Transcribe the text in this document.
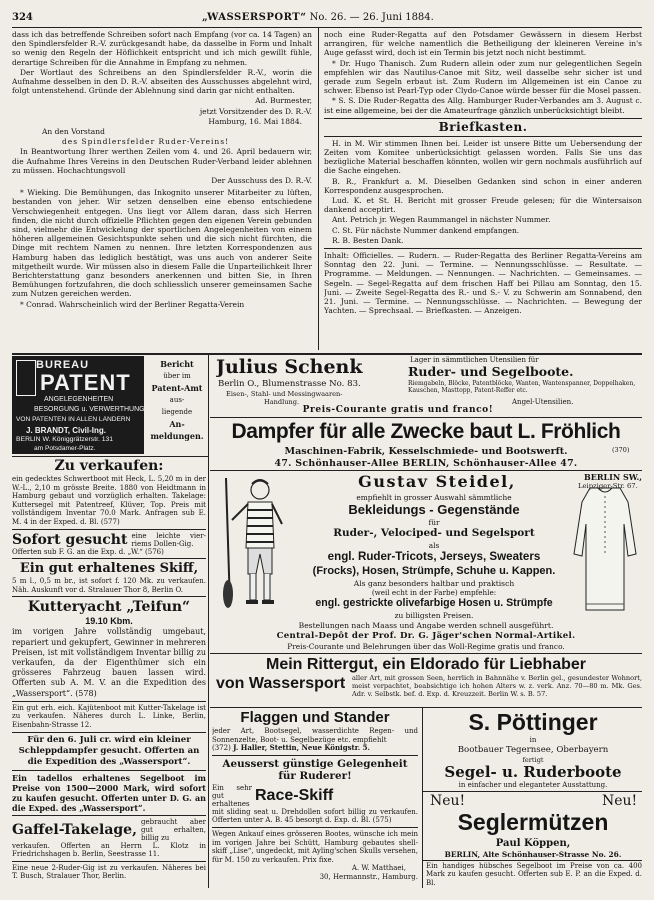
324	„WASSERSPORT“ No. 26. — 26. Juni 1884.

dass ich das betreffende Schreiben sofort nach Empfang (vor ca. 14 Tagen) an den Spindlersfelder R.-V. zurückgesandt habe, da dasselbe in Form und Inhalt so wenig den Regeln der Höflichkeit entspricht und ich mich gewillt fühle, derartige Schreiben für die Annahme in Empfang zu nehmen.

Der Wortlaut des Schreibens an den Spindlersfelder R.-V., worin die Aufnahme desselben in den D. R.-V. abseiten des Ausschusses abgelehnt wird, folgt untenstehend. Gründe der Ablehnung sind darin gar nicht enthalten.

Ad. Burmester,

jetzt Vorsitzender des D. R.-V.

Hamburg, 16. Mai 1884.

An den Vorstand

des Spindlersfelder Ruder-Vereins!

In Beantwortung Ihrer werthen Zeilen vom 4. und 26. April bedauern wir, die Aufnahme Ihres Vereins in den Deutschen Ruder-Verband leider ablehnen zu müssen. Hochachtungsvoll

Der Ausschuss des D. R.-V.

* Wieking. Die Bemühungen, das Inkognito unserer Mitarbeiter zu lüften, bestanden von jeher. Wir setzen denselben eine ebenso entschiedene Verschwiegenheit entgegen. Uns liegt vor Allem daran, dass sich Herren finden, die nicht durch offizielle Pflichten gegen den eigenen Verein gebunden sind, vielmehr die Entwickelung der sportlichen Angelegenheiten von einem höheren allgemeinen Gesichtspunkte sehen und die sich nicht fürchten, die Dinge mit rechtem Namen zu nennen. Ihre letzten Korrespondenzen aus Hamburg haben das lediglich bestätigt, was uns auch von anderer Seite mitgetheilt wurde. Wir müssen also in diesem Falle die Unparteilichkeit Ihrer Berichterstattung ganz besonders anerkennen und bitten Sie, in Ihren Bemühungen fortzufahren, die doch schliesslich unserer gemeinsamen Sache zum Nutzen gereichen werden.

* Conrad. Wahrscheinlich wird der Berliner Regatta-Verein

noch eine Ruder-Regatta auf den Potsdamer Gewässern in diesem Herbst arrangiren, für welche namentlich die Betheiligung der kleineren Vereine in's Auge gefasst wird, doch ist ein Termin bis jetzt noch nicht bestimmt.

* Dr. Hugo Thanisch. Zum Rudern allein oder zum nur gelegentlichen Segeln empfehlen wir das Nautilus-Canoe mit Sitz, weil dasselbe sehr sicher ist und gerade zum Segeln erbaut ist. Zum Rudern im Allgemeinen ist ein Canoe zu schwer. Ebenso ist Pearl-Typ oder Clydo-Canoe würde besser für die Mosel passen.

* S. S. Die Ruder-Regatta des Allg. Hamburger Ruder-Verbandes am 3. August c. ist eine allgemeine, bei der die Amateurfrage gänzlich unberücksichtigt bleibt.

Briefkasten.

H. in M. Wir stimmen Ihnen bei. Leider ist unsere Bitte um Uebersendung der Zeiten vom Komitee unberücksichtigt gelassen worden. Falls Sie uns das bezügliche Material beschaffen könnten, wollen wir gern nochmals ausführlich auf die Sache eingehen.

B. R., Frankfurt a. M. Dieselben Gedanken sind schon in einer anderen Korrespondenz ausgesprochen.

Lud. K. et St. H. Bericht mit grosser Freude gelesen; für die Wintersaison dankend acceptirt.

Ant. Petrich jr. Wegen Raummangel in nächster Nummer.

C. St. Für nächste Nummer dankend empfangen.

R. B. Besten Dank.

Inhalt: Officielles. — Rudern. — Ruder-Regatta des Berliner Regatta-Vereins am Sonntag den 22. Juni. — Termine. — Nennungsschlüsse. — Resultate. — Programme. — Meldungen. — Nennungen. — Nachrichten. — Gemeinsames. — Segeln. — Segel-Regatta auf dem frischen Haff bei Pillau am Sonntag, den 15. Juni. — Zweite Segel-Regatta des R.- und S.- V. zu Schwerin am Sonnabend, den 21. Juni. — Termine. — Nennungsschlüsse. — Nachrichten. — Bewegung der Yachten. — Sprechsaal. — Briefkasten. — Anzeigen.

BUREAU
PATENT
ANGELEGENHEITEN
BESORGUNG u. VERWERTHUNG
VON PATENTEN IN ALLEN LÄNDERN
J. BRANDT, Civil-Ing.
BERLIN W. Königgrätzerstr. 131
am Potsdamer-Platz.
Bericht
über im
Patent-Amt
aus-
liegende
An-
meldungen.
Zu verkaufen:
ein gedecktes Schwertboot mit Heck, L. 5,20 m in der W.-L., 2,10 m grösste Breite. 1880 von Heidtmann in Hamburg gebaut und vorzüglich erhalten. Takelage: Kuttersegel mit Patentreef, Klüver, Top. Preis mit vollständigem Inventar 70.0 Mark. Anfragen sub E. M. 4 in der Exped. d. Bl. (577)
Sofort gesucht eine leichte vier-riems Dollen-Gig.
Offerten sub F. G. an die Exp. d. „W.“ (576)
Ein gut erhaltenes Skiff,
5 m l., 0,5 m br., ist sofort f. 120 Mk. zu verkaufen. Näh. Auskunft vor d. Stralauer Thor 8, Berlin O.
Kutteryacht „Teifun“
19.10 Kbm.
im vorigen Jahre vollständig umgebaut, repariert und gekupfert, Gewinner in mehreren Preisen, ist mit vollständigem Inventar billig zu verkaufen, da der Eigenthümer sich ein grösseres Fahrzeug bauen lassen wird. Offerten sub A. M. V. an die Expedition des „Wassersport“. (578)
Ein gut erh. eich. Kajütenboot mit Kutter-Takelage ist zu verkaufen. Näheres durch L. Linke, Berlin, Eisenbahn-Strasse 12.
Für den 6. Juli cr. wird ein kleiner Schleppdampfer gesucht. Offerten an die Expedition des „Wassersport“.
Ein tadellos erhaltenes Segelboot im Preise von 1500—2000 Mark, wird sofort zu kaufen gesucht. Offerten unter D. G. an die Exped. des „Wassersport“.
Gaffel-Takelage, gebraucht aber gut erhalten, billig zu
verkaufen. Offerten an Herrn L. Klotz in Friedrichshagen b. Berlin, Seestrasse 11.
Eine neue 2-Ruder-Gig ist zu verkaufen. Näheres bei T. Busch, Stralauer Thor, Berlin.
Julius Schenk
Berlin O., Blumenstrasse No. 83.
Eisen-, Stahl- und Messingwaaren-
Handlung.
Lager in sämmtlichen Utensilien für
Ruder- und Segelboote.
Riemgabeln, Blöcke, Patentblöcke, Wanten, Wantenspanner, Doppelhaken, Kauschen, Masttopp, Patent-Reffer etc.
Angel-Utensilien.
Preis-Courante gratis und franco!
Dampfer für alle Zwecke baut L. Fröhlich
Maschinen-Fabrik, Kesselschmiede- und Bootswerft.	(370)
47. Schönhauser-Allee BERLIN, Schönhauser-Allee 47.
Gustav Steidel,	BERLIN SW.,
Leipziger-Str. 67.
empfiehlt in grosser Auswahl sämmtliche
Bekleidungs - Gegenstände
für
Ruder-, Velociped- und Segelsport
als
engl. Ruder-Tricots, Jerseys, Sweaters
(Frocks), Hosen, Strümpfe, Schuhe u. Kappen.
Als ganz besonders haltbar und praktisch
(weil echt in der Farbe) empfehle:
engl. gestrickte olivefarbige Hosen u. Strümpfe
zu billigsten Preisen.
Bestellungen nach Maass und Angabe werden schnell ausgeführt.
Central-Depôt der Prof. Dr. G. Jäger'schen Normal-Artikel.
Preis-Courante und Belehrungen über das Woll-Regime gratis und franco.
Mein Rittergut, ein Eldorado für Liebhaber
von Wassersport aller Art, mit grossen Seen, herrlich in Bahnnähe v. Berlin gel., gesundester Wohnort, meist verpachtet, beabsichtige ich hohen Alters w. z. verk. Anz. 70—80 m. Mk. Ges. Adr. v. Selbstk. bef. d. Exp. d. Kreuzzeit. Berlin W. s. B. 57.
Flaggen und Stander
jeder Art, Bootsegel, wasserdichte Regen- und Sonnenzelte, Boot- u. Segelbezüge etc. empfiehlt
(372) J. Haller, Stettin, Neue Königstr. 5.
Aeusserst günstige Gelegenheit für Ruderer!
Ein sehr gut erhaltenes Race-Skiff
mit sliding seat u. Drehdollen sofort billig zu verkaufen. Offerten unter A. B. 45 besorgt d. Exp. d. Bl. (575)
Wegen Ankauf eines grösseren Bootes, wünsche ich mein im vorigen Jahre bei Schütt, Hamburg gebautes shell-skiff „Lise“, ungedeckt, mit Ayling'schen Skulls versehen, für M. 150 zu verkaufen. Prix fixe.
A. W. Matthaei,
30, Hermannstr., Hamburg.
S. Pöttinger
in
Bootbauer Tegernsee, Oberbayern
fertigt
Segel- u. Ruderboote
in einfacher und eleganteter Ausstattung.
Neu!	Neu!
Seglermützen
Paul Köppen,
BERLIN, Alte Schönhauser-Strasse No. 26.
Ein handiges hübsches Segelboot im Preise von ca. 400 Mark zu kaufen gesucht. Offerten sub E. P. an die Exped. d. Bl.
